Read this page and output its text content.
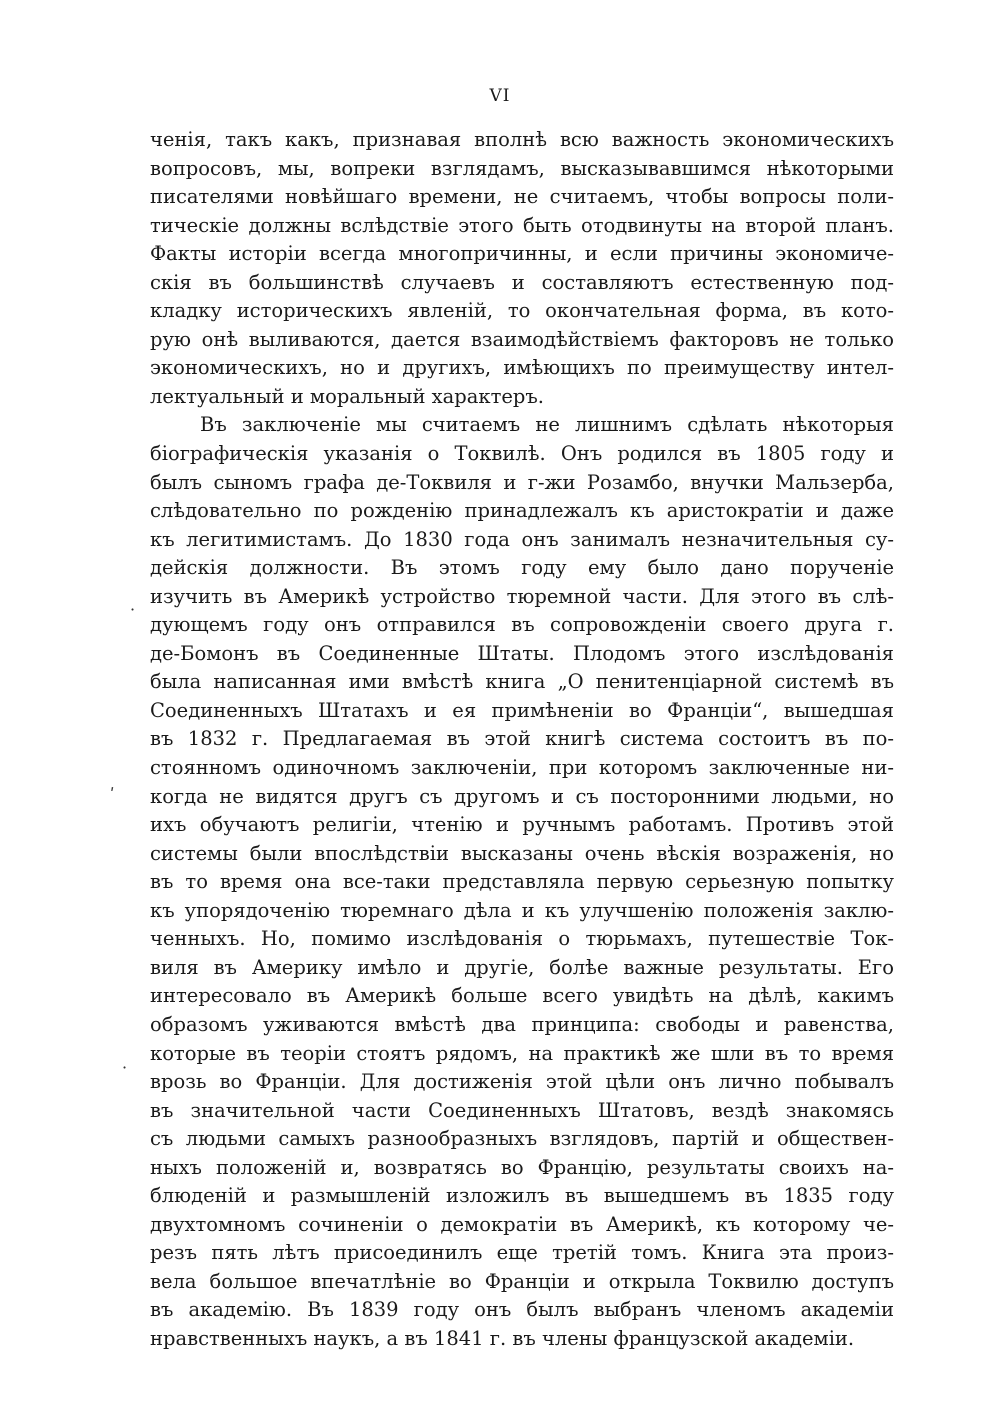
VI
ченія, такъ какъ, признавая вполнѣ всю важность экономическихъ
вопросовъ, мы, вопреки взглядамъ, высказывавшимся нѣкоторыми
писателями новѣйшаго времени, не считаемъ, чтобы вопросы поли-
тическіе должны вслѣдствіе этого быть отодвинуты на второй планъ.
Факты исторіи всегда многопричинны, и если причины экономиче-
скія въ большинствѣ случаевъ и составляютъ естественную под-
кладку историческихъ явленій, то окончательная форма, въ кото-
рую онѣ выливаются, дается взаимодѣйствіемъ факторовъ не только
экономическихъ, но и другихъ, имѣющихъ по преимуществу интел-
лектуальный и моральный характеръ.
Въ заключеніе мы считаемъ не лишнимъ сдѣлать нѣкоторыя
біографическія указанія о Токвилѣ. Онъ родился въ 1805 году и
былъ сыномъ графа де-Токвиля и г-жи Розамбо, внучки Мальзерба,
слѣдовательно по рожденію принадлежалъ къ аристократіи и даже
къ легитимистамъ. До 1830 года онъ занималъ незначительныя су-
дейскія должности. Въ этомъ году ему было дано порученіе
изучить въ Америкѣ устройство тюремной части. Для этого въ слѣ-
дующемъ году онъ отправился въ сопровожденіи своего друга г.
де-Бомонъ въ Соединенные Штаты. Плодомъ этого изслѣдованія
была написанная ими вмѣстѣ книга „О пенитенціарной системѣ въ
Соединенныхъ Штатахъ и ея примѣненіи во Франціи“, вышедшая
въ 1832 г. Предлагаемая въ этой книгѣ система состоитъ въ по-
стоянномъ одиночномъ заключеніи, при которомъ заключенные ни-
когда не видятся другъ съ другомъ и съ посторонними людьми, но
ихъ обучаютъ религіи, чтенію и ручнымъ работамъ. Противъ этой
системы были впослѣдствіи высказаны очень вѣскія возраженія, но
въ то время она все-таки представляла первую серьезную попытку
къ упорядоченію тюремнаго дѣла и къ улучшенію положенія заклю-
ченныхъ. Но, помимо изслѣдованія о тюрьмахъ, путешествіе Ток-
виля въ Америку имѣло и другіе, болѣе важные результаты. Его
интересовало въ Америкѣ больше всего увидѣть на дѣлѣ, какимъ
образомъ уживаются вмѣстѣ два принципа: свободы и равенства,
которые въ теоріи стоятъ рядомъ, на практикѣ же шли въ то время
врозь во Франціи. Для достиженія этой цѣли онъ лично побывалъ
въ значительной части Соединенныхъ Штатовъ, вездѣ знакомясь
съ людьми самыхъ разнообразныхъ взглядовъ, партій и обществен-
ныхъ положеній и, возвратясь во Францію, результаты своихъ на-
блюденій и размышленій изложилъ въ вышедшемъ въ 1835 году
двухтомномъ сочиненіи о демократіи въ Америкѣ, къ которому че-
резъ пять лѣтъ присоединилъ еще третій томъ. Книга эта произ-
вела большое впечатлѣніе во Франціи и открыла Токвилю доступъ
въ академію. Въ 1839 году онъ былъ выбранъ членомъ академіи
нравственныхъ наукъ, а въ 1841 г. въ члены французской академіи.
·
ʹ
·
